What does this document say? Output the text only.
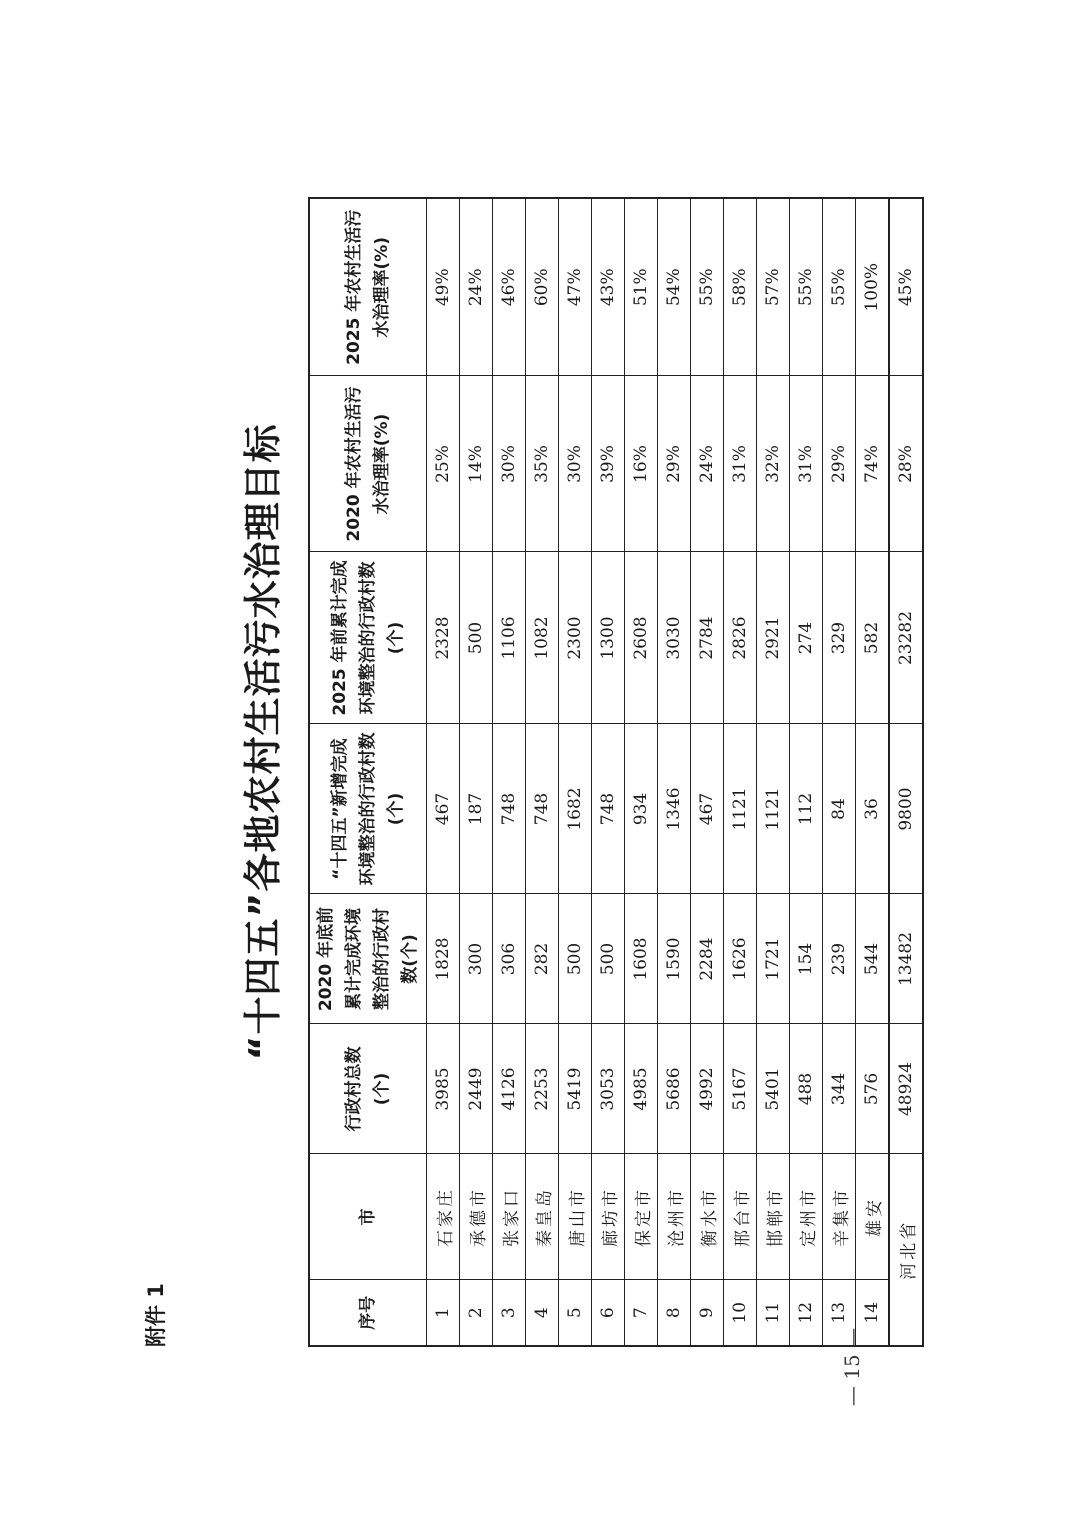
附件 1
“十四五”各地农村生活污水治理目标
序号	市	行政村总数(个)	2020 年底前累计完成环境整治的行政村数(个)	“十四五”新增完成环境整治的行政村数(个)	2025 年前累计完成环境整治的行政村数(个)	2020 年农村生活污水治理率(%)	2025 年农村生活污水治理率(%)
1	石家庄	3985	1828	467	2328	25%	49%
2	承德市	2449	300	187	500	14%	24%
3	张家口	4126	306	748	1106	30%	46%
4	秦皇岛	2253	282	748	1082	35%	60%
5	唐山市	5419	500	1682	2300	30%	47%
6	廊坊市	3053	500	748	1300	39%	43%
7	保定市	4985	1608	934	2608	16%	51%
8	沧州市	5686	1590	1346	3030	29%	54%
9	衡水市	4992	2284	467	2784	24%	55%
10	邢台市	5167	1626	1121	2826	31%	58%
11	邯郸市	5401	1721	1121	2921	32%	57%
12	定州市	488	154	112	274	31%	55%
13	辛集市	344	239	84	329	29%	55%
14	雄安	576	544	36	582	74%	100%
河北省		48924	13482	9800	23282	28%	45%
— 15 —
